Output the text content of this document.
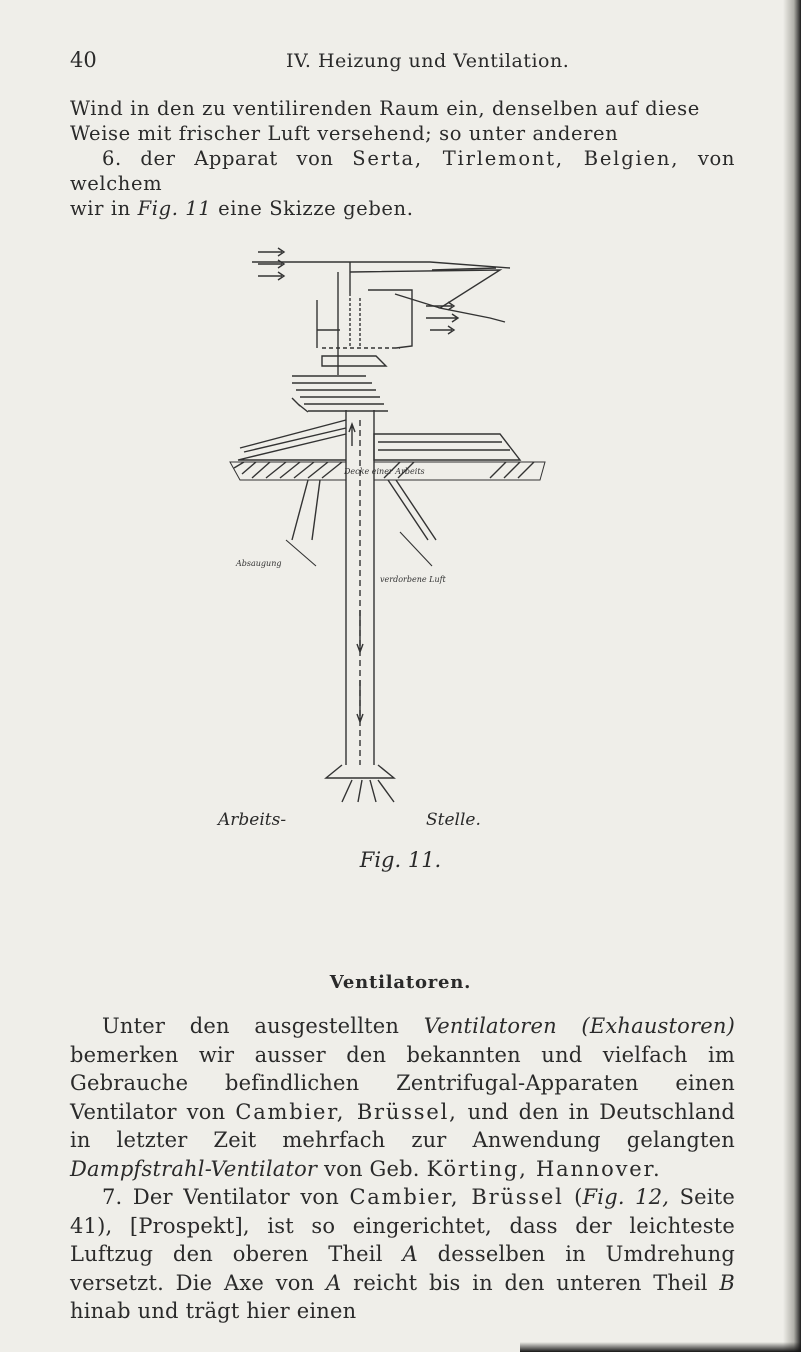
40	IV. Heizung und Ventilation.

Wind in den zu ventilirenden Raum ein, denselben auf diese

Weise mit frischer Luft versehend; so unter anderen

6. der Apparat von Serta, Tirlemont, Belgien, von welchem

wir in Fig. 11 eine Skizze geben.

Decke einer Arbeits
Absaugung
verdorbene Luft
Arbeits-	Stelle.
Fig. 11.
Ventilatoren.

Unter den ausgestellten Ventilatoren (Exhaustoren) bemerken wir ausser den bekannten und vielfach im Gebrauche befindlichen Zentrifugal-Apparaten einen Ventilator von Cambier, Brüssel, und den in Deutschland in letzter Zeit mehrfach zur Anwendung gelangten Dampfstrahl-Ventilator von Geb. Körting, Hannover.

7. Der Ventilator von Cambier, Brüssel (Fig. 12, Seite 41), [Prospekt], ist so eingerichtet, dass der leichteste Luftzug den oberen Theil A desselben in Umdrehung versetzt. Die Axe von A reicht bis in den unteren Theil B hinab und trägt hier einen
